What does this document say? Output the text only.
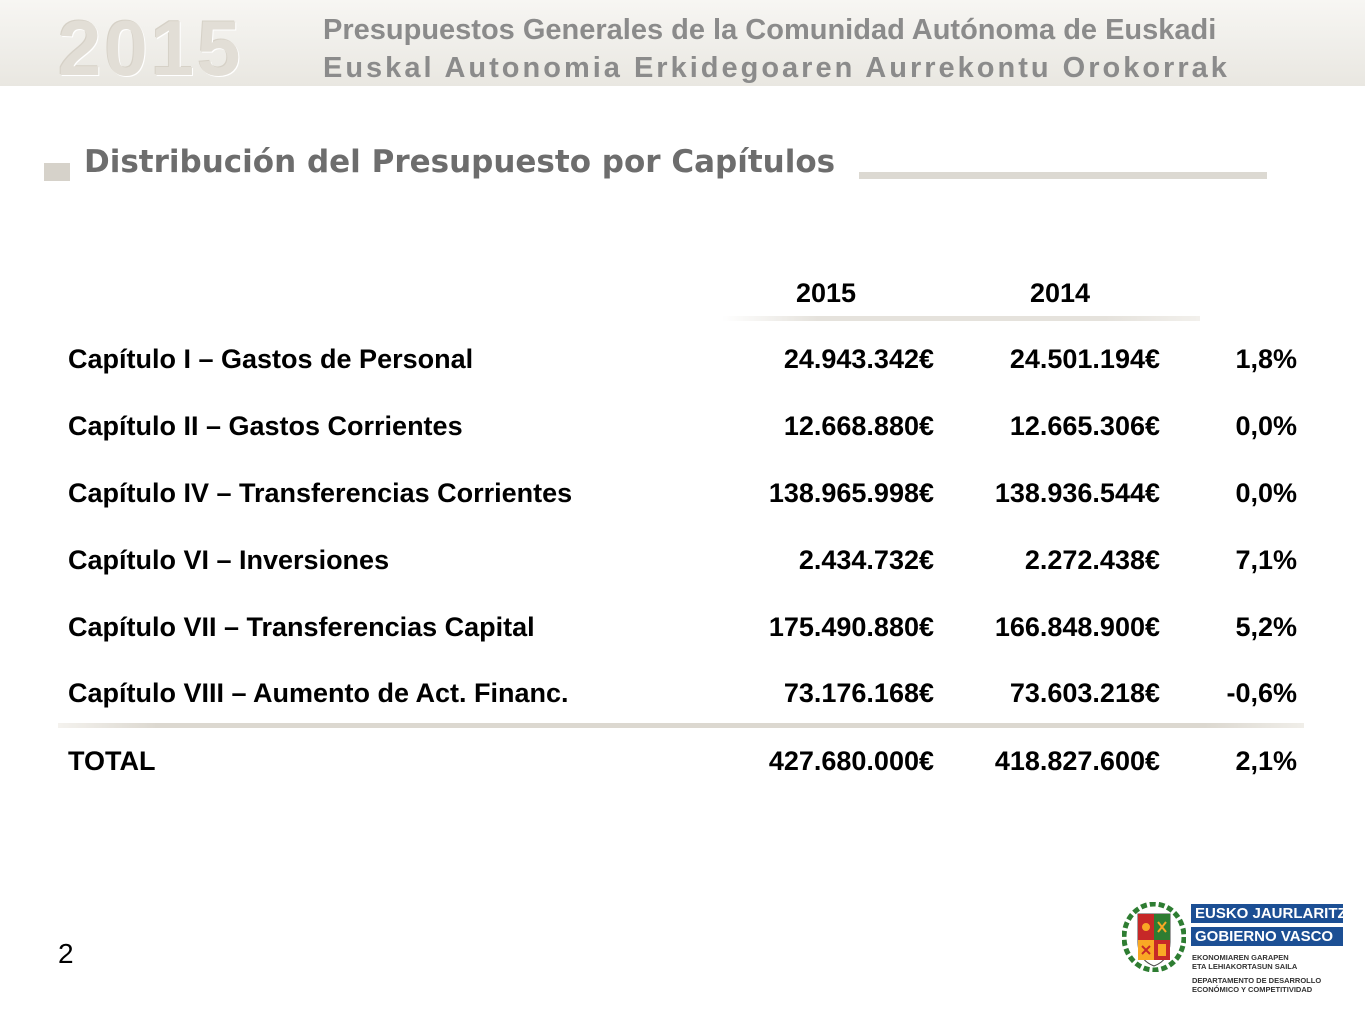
2015	Presupuestos Generales de la Comunidad Autónoma de Euskadi
Euskal Autonomia Erkidegoaren Aurrekontu Orokorrak
Distribución del Presupuesto por Capítulos
2015	2014
Capítulo I – Gastos de Personal	24.943.342€	24.501.194€	1,8%
Capítulo II – Gastos Corrientes	12.668.880€	12.665.306€	0,0%
Capítulo IV – Transferencias Corrientes	138.965.998€ 138.936.544€	0,0%
Capítulo VI – Inversiones	2.434.732€	2.272.438€	7,1%
Capítulo VII – Transferencias Capital	175.490.880€ 166.848.900€	5,2%
Capítulo VIII – Aumento de Act. Financ.	73.176.168€	73.603.218€ -0,6%
TOTAL	427.680.000€ 418.827.600€	2,1%
2
EUSKO JAURLARITZA
GOBIERNO VASCO
EKONOMIAREN GARAPEN
ETA LEHIAKORTASUN SAILA
DEPARTAMENTO DE DESARROLLO
ECONÓMICO Y COMPETITIVIDAD
